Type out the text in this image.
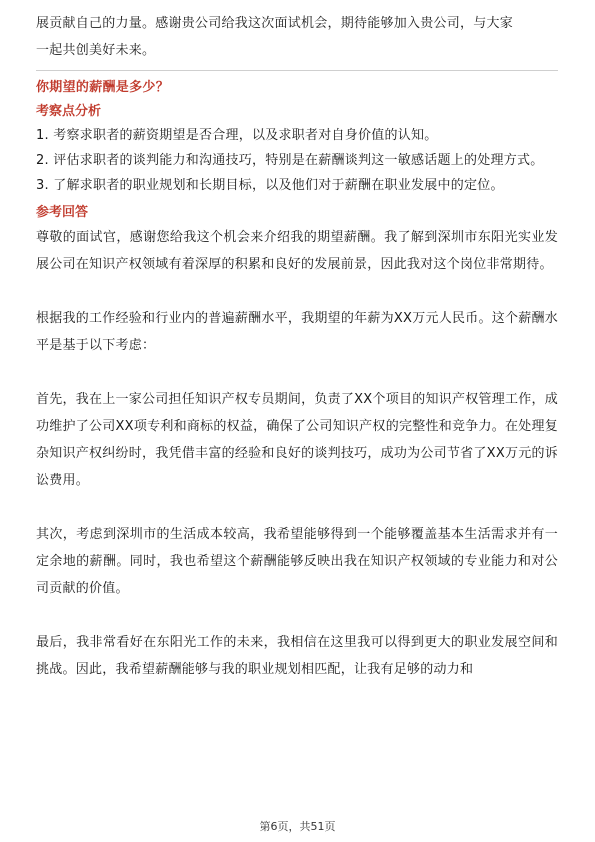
展贡献自己的力量。感谢贵公司给我这次面试机会，期待能够加入贵公司，与大家

一起共创美好未来。

你期望的薪酬是多少？
考察点分析

1. 考察求职者的薪资期望是否合理，以及求职者对自身价值的认知。

2. 评估求职者的谈判能力和沟通技巧，特别是在薪酬谈判这一敏感话题上的处理方式。

3. 了解求职者的职业规划和长期目标，以及他们对于薪酬在职业发展中的定位。

参考回答

尊敬的面试官，感谢您给我这个机会来介绍我的期望薪酬。我了解到深圳市东阳光实业发展公司在知识产权领域有着深厚的积累和良好的发展前景，因此我对这个岗位非常期待。

根据我的工作经验和行业内的普遍薪酬水平，我期望的年薪为XX万元人民币。这个薪酬水平是基于以下考虑：

首先，我在上一家公司担任知识产权专员期间，负责了XX个项目的知识产权管理工作，成功维护了公司XX项专利和商标的权益，确保了公司知识产权的完整性和竞争力。在处理复杂知识产权纠纷时，我凭借丰富的经验和良好的谈判技巧，成功为公司节省了XX万元的诉讼费用。

其次，考虑到深圳市的生活成本较高，我希望能够得到一个能够覆盖基本生活需求并有一定余地的薪酬。同时，我也希望这个薪酬能够反映出我在知识产权领域的专业能力和对公司贡献的价值。

最后，我非常看好在东阳光工作的未来，我相信在这里我可以得到更大的职业发展空间和挑战。因此，我希望薪酬能够与我的职业规划相匹配，让我有足够的动力和

第6页，共51页
